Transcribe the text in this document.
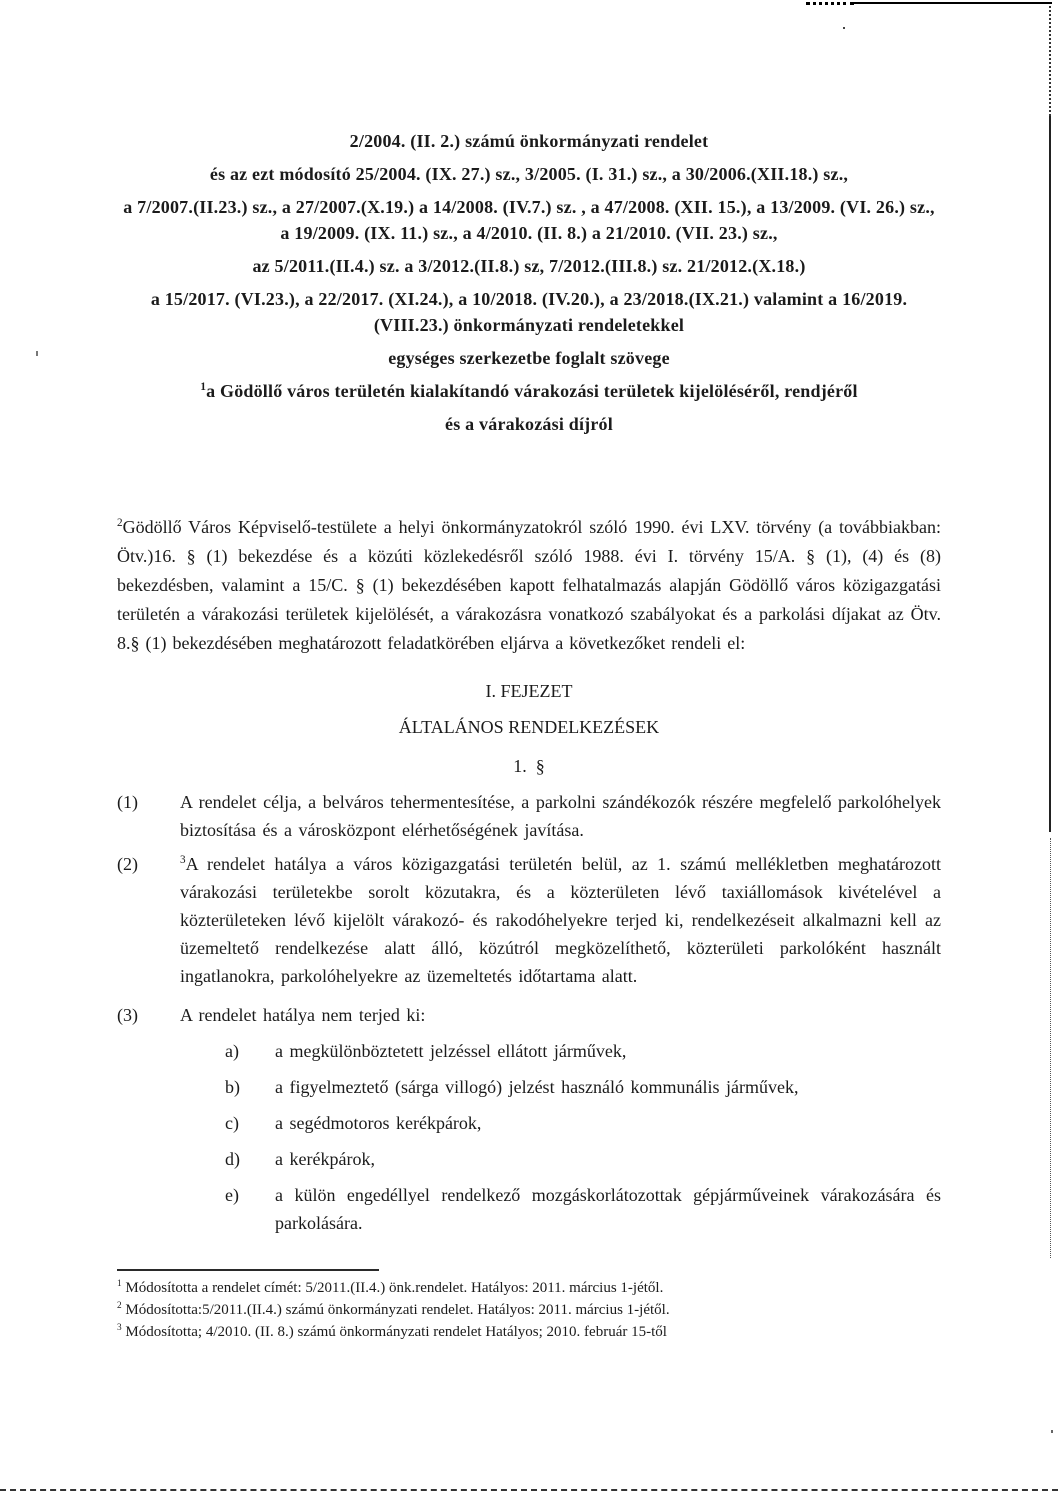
2/2004. (II. 2.) számú önkormányzati rendelet

és az ezt módosító 25/2004. (IX. 27.) sz., 3/2005. (I. 31.) sz., a 30/2006.(XII.18.) sz.,

a 7/2007.(II.23.) sz., a 27/2007.(X.19.) a 14/2008. (IV.7.) sz. , a 47/2008. (XII. 15.), a 13/2009. (VI. 26.) sz., a 19/2009. (IX. 11.) sz., a 4/2010. (II. 8.) a 21/2010. (VII. 23.) sz.,

az 5/2011.(II.4.) sz. a 3/2012.(II.8.) sz, 7/2012.(III.8.) sz. 21/2012.(X.18.)

a 15/2017. (VI.23.), a 22/2017. (XI.24.), a 10/2018. (IV.20.), a 23/2018.(IX.21.) valamint a 16/2019.(VIII.23.) önkormányzati rendeletekkel

egységes szerkezetbe foglalt szövege

$^1$a Gödöllő város területén kialakítandó várakozási területek kijelöléséről, rendjéről

és a várakozási díjról

$^2$Gödöllő Város Képviselő-testülete a helyi önkormányzatokról szóló 1990. évi LXV. törvény (a továbbiakban: Ötv.)16. § (1) bekezdése és a közúti közlekedésről szóló 1988. évi I. törvény 15/A. § (1), (4) és (8) bekezdésben, valamint a 15/C. § (1) bekezdésében kapott felhatalmazás alapján Gödöllő város közigazgatási területén a várakozási területek kijelölését, a várakozásra vonatkozó szabályokat és a parkolási díjakat az Ötv. 8.§ (1) bekezdésében meghatározott feladatkörében eljárva a következőket rendeli el:

I. FEJEZET

ÁLTALÁNOS RENDELKEZÉSEK

1.  §

(1)	A rendelet célja, a belváros tehermentesítése, a parkolni szándékozók részére megfelelő parkolóhelyek biztosítása és a városközpont elérhetőségének javítása.
(2)	$^3$A rendelet hatálya a város közigazgatási területén belül, az 1. számú mellékletben meghatározott várakozási területekbe sorolt közutakra, és a közterületen lévő taxiállomások kivételével a közterületeken lévő kijelölt várakozó- és rakodóhelyekre terjed ki, rendelkezéseit alkalmazni kell az üzemeltető rendelkezése alatt álló, közútról megközelíthető, közterületi parkolóként használt ingatlanokra, parkolóhelyekre az üzemeltetés időtartama alatt.
(3)	A rendelet hatálya nem terjed ki:
a)	a megkülönböztetett jelzéssel ellátott járművek,
b)	a figyelmeztető (sárga villogó) jelzést használó kommunális járművek,
c)	a segédmotoros kerékpárok,
d)	a kerékpárok,
e)	a külön engedéllyel rendelkező mozgáskorlátozottak gépjárműveinek várakozására és parkolására.

$^1$ Módosította a rendelet címét: 5/2011.(II.4.) önk.rendelet. Hatályos: 2011. március 1-jétől.

$^2$ Módosította:5/2011.(II.4.) számú önkormányzati rendelet. Hatályos: 2011. március 1-jétől.

$^3$ Módosította; 4/2010. (II. 8.) számú önkormányzati rendelet Hatályos; 2010. február 15-től
